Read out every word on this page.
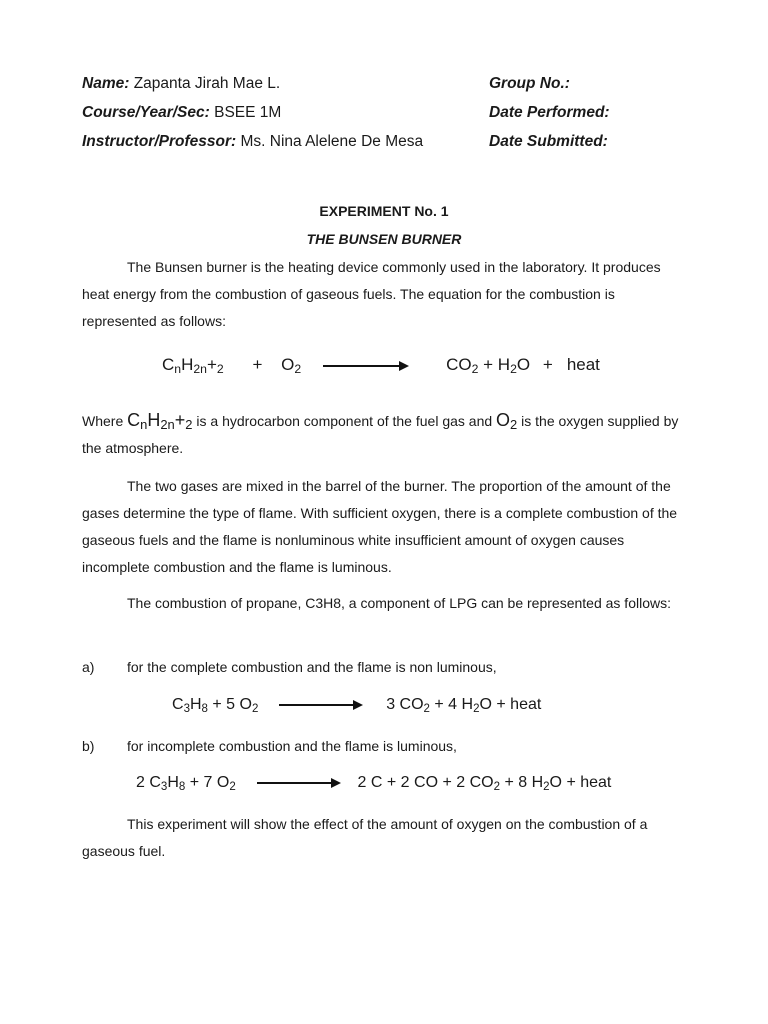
Name: Zapanta Jirah Mae L.
Course/Year/Sec: BSEE 1M
Instructor/Professor: Ms. Nina Alelene De Mesa
Group No.:
Date Performed:
Date Submitted:
EXPERIMENT No. 1
THE BUNSEN BURNER
The Bunsen burner is the heating device commonly used in the laboratory. It produces heat energy from the combustion of gaseous fuels. The equation for the combustion is represented as follows:
$C_nH_{2n}+_2 + O_2$	$CO_2 + H_2O$ + heat
Where $C_nH_{2n}+_2$ is a hydrocarbon component of the fuel gas and $O_2$ is the oxygen supplied by the atmosphere.
The two gases are mixed in the barrel of the burner. The proportion of the amount of the gases determine the type of flame. With sufficient oxygen, there is a complete combustion of the gaseous fuels and the flame is nonluminous white insufficient amount of oxygen causes incomplete combustion and the flame is luminous.
The combustion of propane, C3H8, a component of LPG can be represented as follows:
a) for the complete combustion and the flame is non luminous,
$C_3H_8 + 5$ $O_2$	3 $CO_2 + 4$ $H_2O$ + heat
b) for incomplete combustion and the flame is luminous,
2 $C_3H_8 + 7$ $O_2$	2 C + 2 CO + 2 $CO_2 + 8$ $H_2O$ + heat
This experiment will show the effect of the amount of oxygen on the combustion of a gaseous fuel.
